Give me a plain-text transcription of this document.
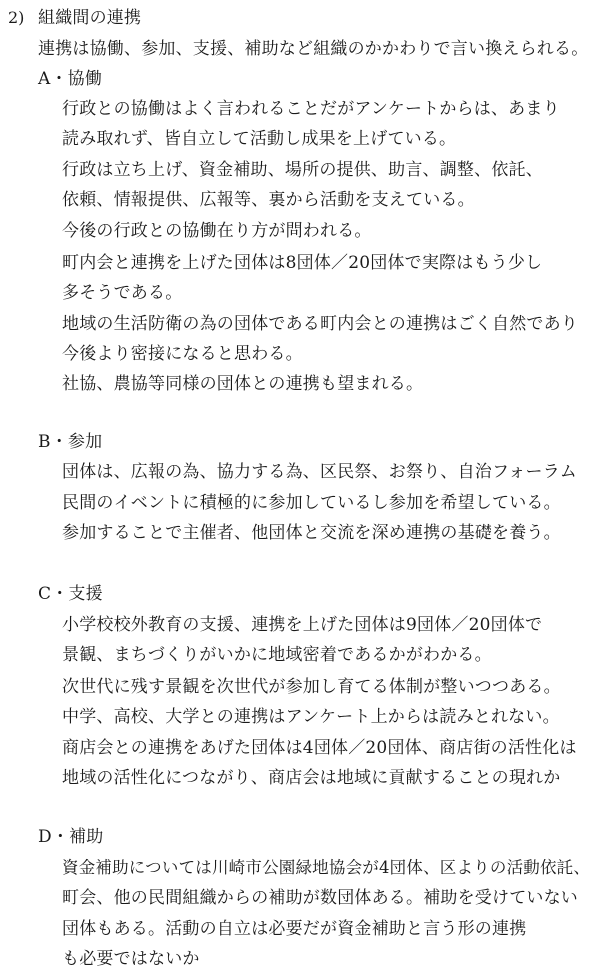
2) 組織間の連携
連携は協働、参加、支援、補助など組織のかかわりで言い換えられる。
A・協働
行政との協働はよく言われることだがアンケートからは、あまり
読み取れず、皆自立して活動し成果を上げている。
行政は立ち上げ、資金補助、場所の提供、助言、調整、依託、
依頼、情報提供、広報等、裏から活動を支えている。
今後の行政との協働在り方が問われる。
町内会と連携を上げた団体は8団体／20団体で実際はもう少し
多そうである。
地域の生活防衛の為の団体である町内会との連携はごく自然であり
今後より密接になると思わる。
社協、農協等同様の団体との連携も望まれる。
B・参加
団体は、広報の為、協力する為、区民祭、お祭り、自治フォーラム
民間のイベントに積極的に参加しているし参加を希望している。
参加することで主催者、他団体と交流を深め連携の基礎を養う。
C・支援
小学校校外教育の支援、連携を上げた団体は9団体／20団体で
景観、まちづくりがいかに地域密着であるかがわかる。
次世代に残す景観を次世代が参加し育てる体制が整いつつある。
中学、高校、大学との連携はアンケート上からは読みとれない。
商店会との連携をあげた団体は4団体／20団体、商店街の活性化は
地域の活性化につながり、商店会は地域に貢献することの現れか
D・補助
資金補助については川崎市公園緑地協会が4団体、区よりの活動依託、
町会、他の民間組織からの補助が数団体ある。補助を受けていない
団体もある。活動の自立は必要だが資金補助と言う形の連携
も必要ではないか
